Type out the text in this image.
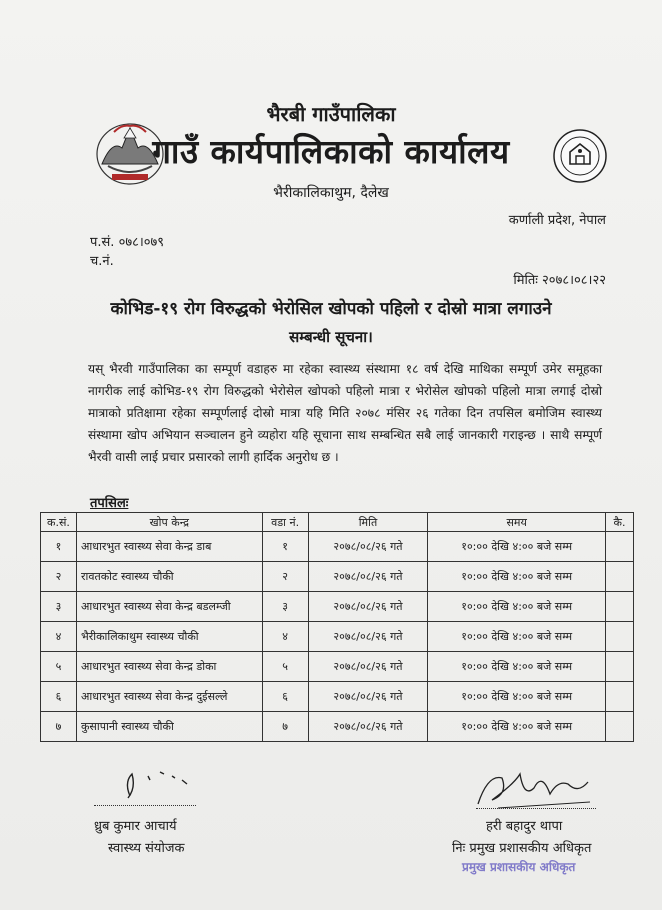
भैरबी गाउँपालिका
गाउँ कार्यपालिकाको कार्यालय
भैरीकालिकाथुम, दैलेख
कर्णाली प्रदेश, नेपाल
प.सं. ०७८।०७९
च.नं.
मितिः २०७८।०८।२२
कोभिड-१९ रोग विरुद्धको भेरोसिल खोपको पहिलो र दोस्रो मात्रा लगाउने
सम्बन्धी सूचना।
यस् भैरवी गाउँपालिका का सम्पूर्ण वडाहरु मा रहेका स्वास्थ्य संस्थामा १८ वर्ष देखि माथिका सम्पूर्ण उमेर समूहका नागरीक लाई कोभिड-१९ रोग विरुद्धको भेरोसेल खोपको पहिलो मात्रा र भेरोसेल खोपको पहिलो मात्रा लगाई दोस्रो मात्राको प्रतिक्षामा रहेका सम्पूर्णलाई दोस्रो मात्रा यहि मिति २०७८ मंसिर २६ गतेका दिन तपसिल बमोजिम स्वास्थ्य संस्थामा खोप अभियान सञ्चालन हुने व्यहोरा यहि सूचाना साथ सम्बन्धित सबै लाई जानकारी गराइन्छ । साथै सम्पूर्ण भैरवी वासी लाई प्रचार प्रसारको लागी हार्दिक अनुरोध छ ।
तपसिलः
क.सं.	खोप केन्द्र	वडा नं.	मिति	समय	कै.
१	आधारभुत स्वास्थ्य सेवा केन्द्र डाब	१	२०७८/०८/२६ गते	१०:०० देखि ४:०० बजे सम्म	
२	रावतकोट स्वास्थ्य चौकी	२	२०७८/०८/२६ गते	१०:०० देखि ४:०० बजे सम्म	
३	आधारभुत स्वास्थ्य सेवा केन्द्र बडलम्जी	३	२०७८/०८/२६ गते	१०:०० देखि ४:०० बजे सम्म	
४	भैरीकालिकाथुम स्वास्थ्य चौकी	४	२०७८/०८/२६ गते	१०:०० देखि ४:०० बजे सम्म	
५	आधारभुत स्वास्थ्य सेवा केन्द्र डोका	५	२०७८/०८/२६ गते	१०:०० देखि ४:०० बजे सम्म	
६	आधारभुत स्वास्थ्य सेवा केन्द्र दुईसल्ले	६	२०७८/०८/२६ गते	१०:०० देखि ४:०० बजे सम्म	
७	कुसापानी स्वास्थ्य चौकी	७	२०७८/०८/२६ गते	१०:०० देखि ४:०० बजे सम्म	
ध्रुब कुमार आचार्य
स्वास्थ्य संयोजक
हरी बहादुर थापा
निः प्रमुख प्रशासकीय अधिकृत
प्रमुख प्रशासकीय अधिकृत
